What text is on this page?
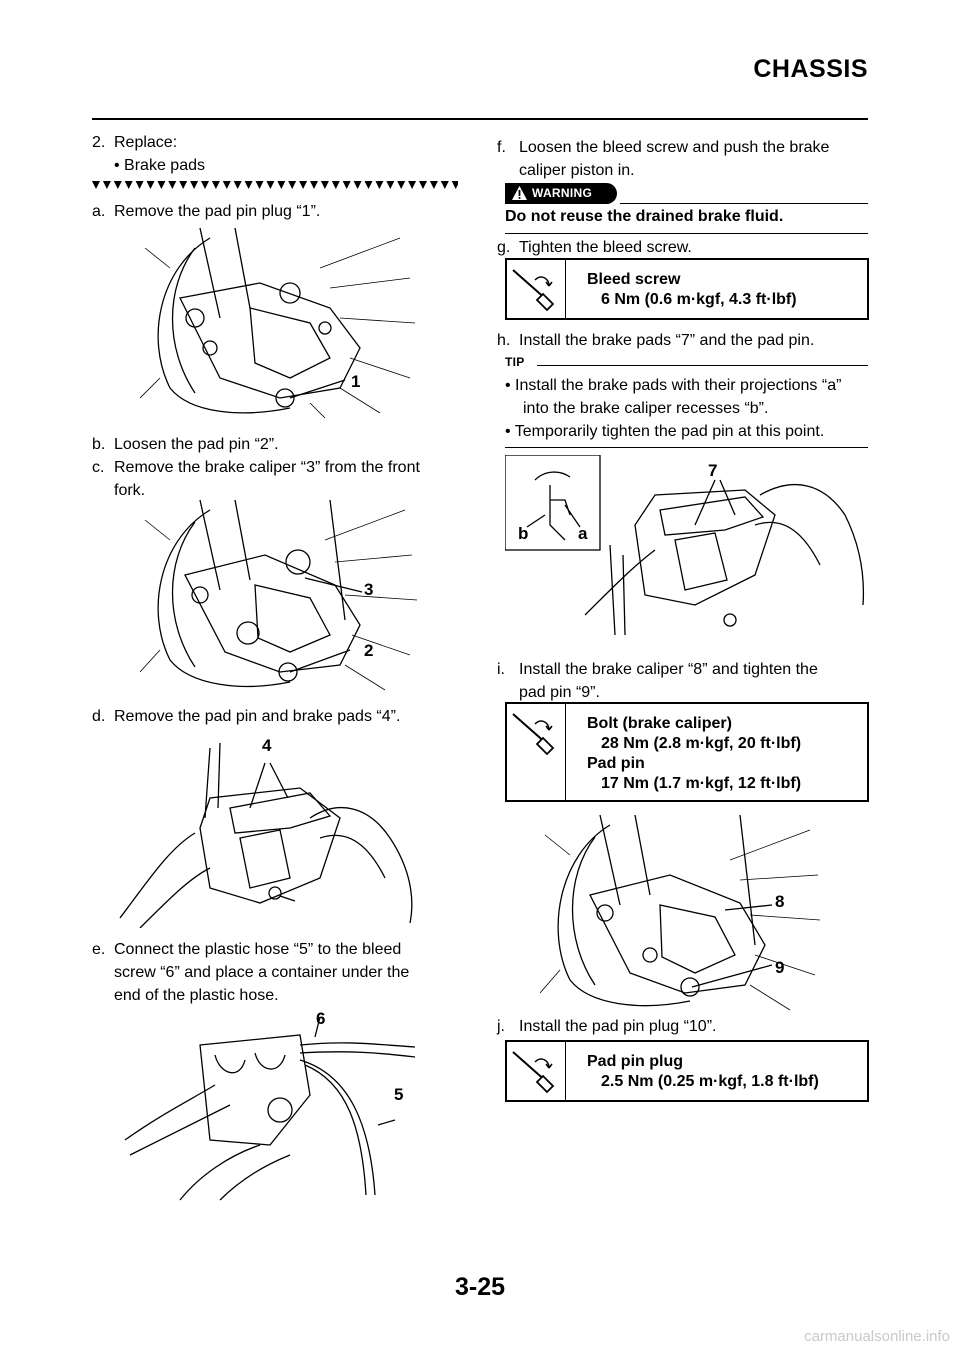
CHASSIS
2. Replace:
• Brake pads
a. Remove the pad pin plug “1”.
1
b. Loosen the pad pin “2”.
c. Remove the brake caliper “3” from the front
fork.
3
2
d. Remove the pad pin and brake pads “4”.
4
e. Connect the plastic hose “5” to the bleed
screw “6” and place a container under the
end of the plastic hose.
6
5
f. Loosen the bleed screw and push the brake
caliper piston in.
WARNING
Do not reuse the drained brake fluid.
g. Tighten the bleed screw.
Bleed screw
6 Nm (0.6 m·kgf, 4.3 ft·lbf)
h. Install the brake pads “7” and the pad pin.
TIP
• Install the brake pads with their projections “a”
into the brake caliper recesses “b”.
• Temporarily tighten the pad pin at this point.
7
b	a
i. Install the brake caliper “8” and tighten the
pad pin “9”.
Bolt (brake caliper)
28 Nm (2.8 m·kgf, 20 ft·lbf)
Pad pin
17 Nm (1.7 m·kgf, 12 ft·lbf)
8
9
j. Install the pad pin plug “10”.
Pad pin plug
2.5 Nm (0.25 m·kgf, 1.8 ft·lbf)
3-25
carmanualsonline.info
